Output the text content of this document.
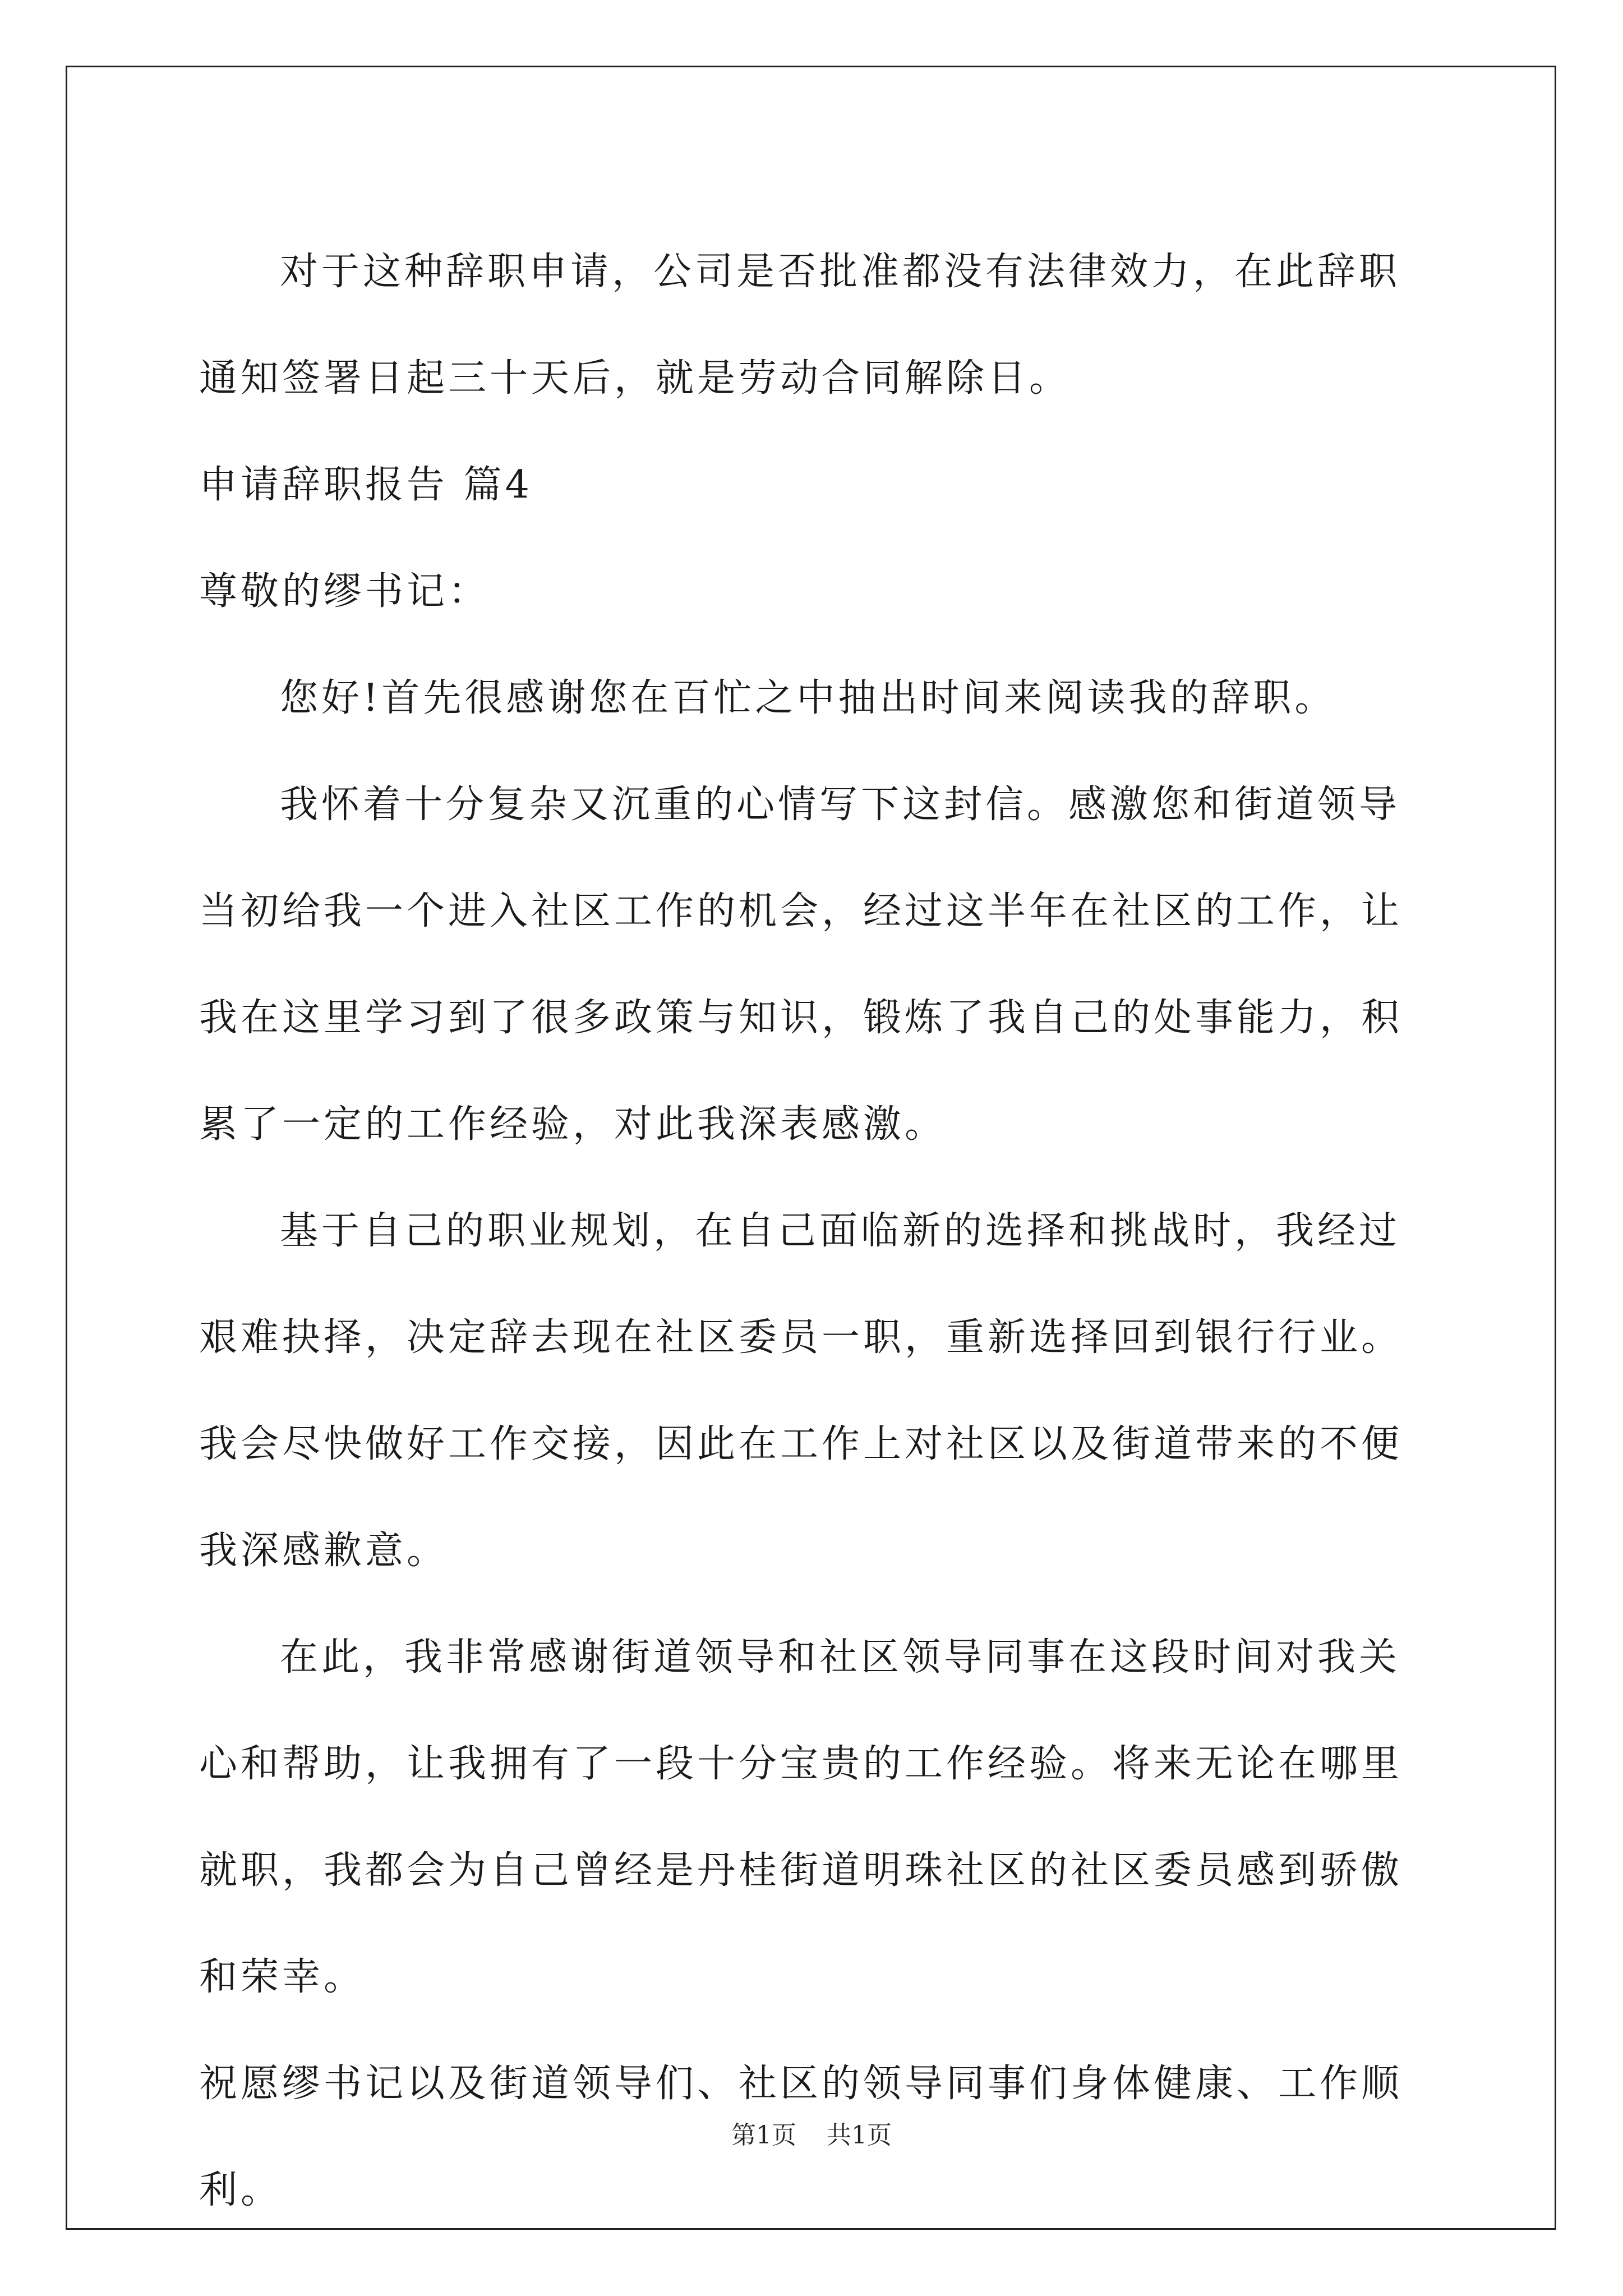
对于这种辞职申请，公司是否批准都没有法律效力，在此辞职通知签署日起三十天后，就是劳动合同解除日。

申请辞职报告 篇4

尊敬的缪书记：

您好!首先很感谢您在百忙之中抽出时间来阅读我的辞职。

我怀着十分复杂又沉重的心情写下这封信。感激您和街道领导当初给我一个进入社区工作的机会，经过这半年在社区的工作，让我在这里学习到了很多政策与知识，锻炼了我自己的处事能力，积累了一定的工作经验，对此我深表感激。

基于自己的职业规划，在自己面临新的选择和挑战时，我经过艰难抉择，决定辞去现在社区委员一职，重新选择回到银行行业。我会尽快做好工作交接，因此在工作上对社区以及街道带来的不便我深感歉意。

在此，我非常感谢街道领导和社区领导同事在这段时间对我关心和帮助，让我拥有了一段十分宝贵的工作经验。将来无论在哪里就职，我都会为自己曾经是丹桂街道明珠社区的社区委员感到骄傲和荣幸。

祝愿缪书记以及街道领导们、社区的领导同事们身体健康、工作顺利。

第1页 共1页
